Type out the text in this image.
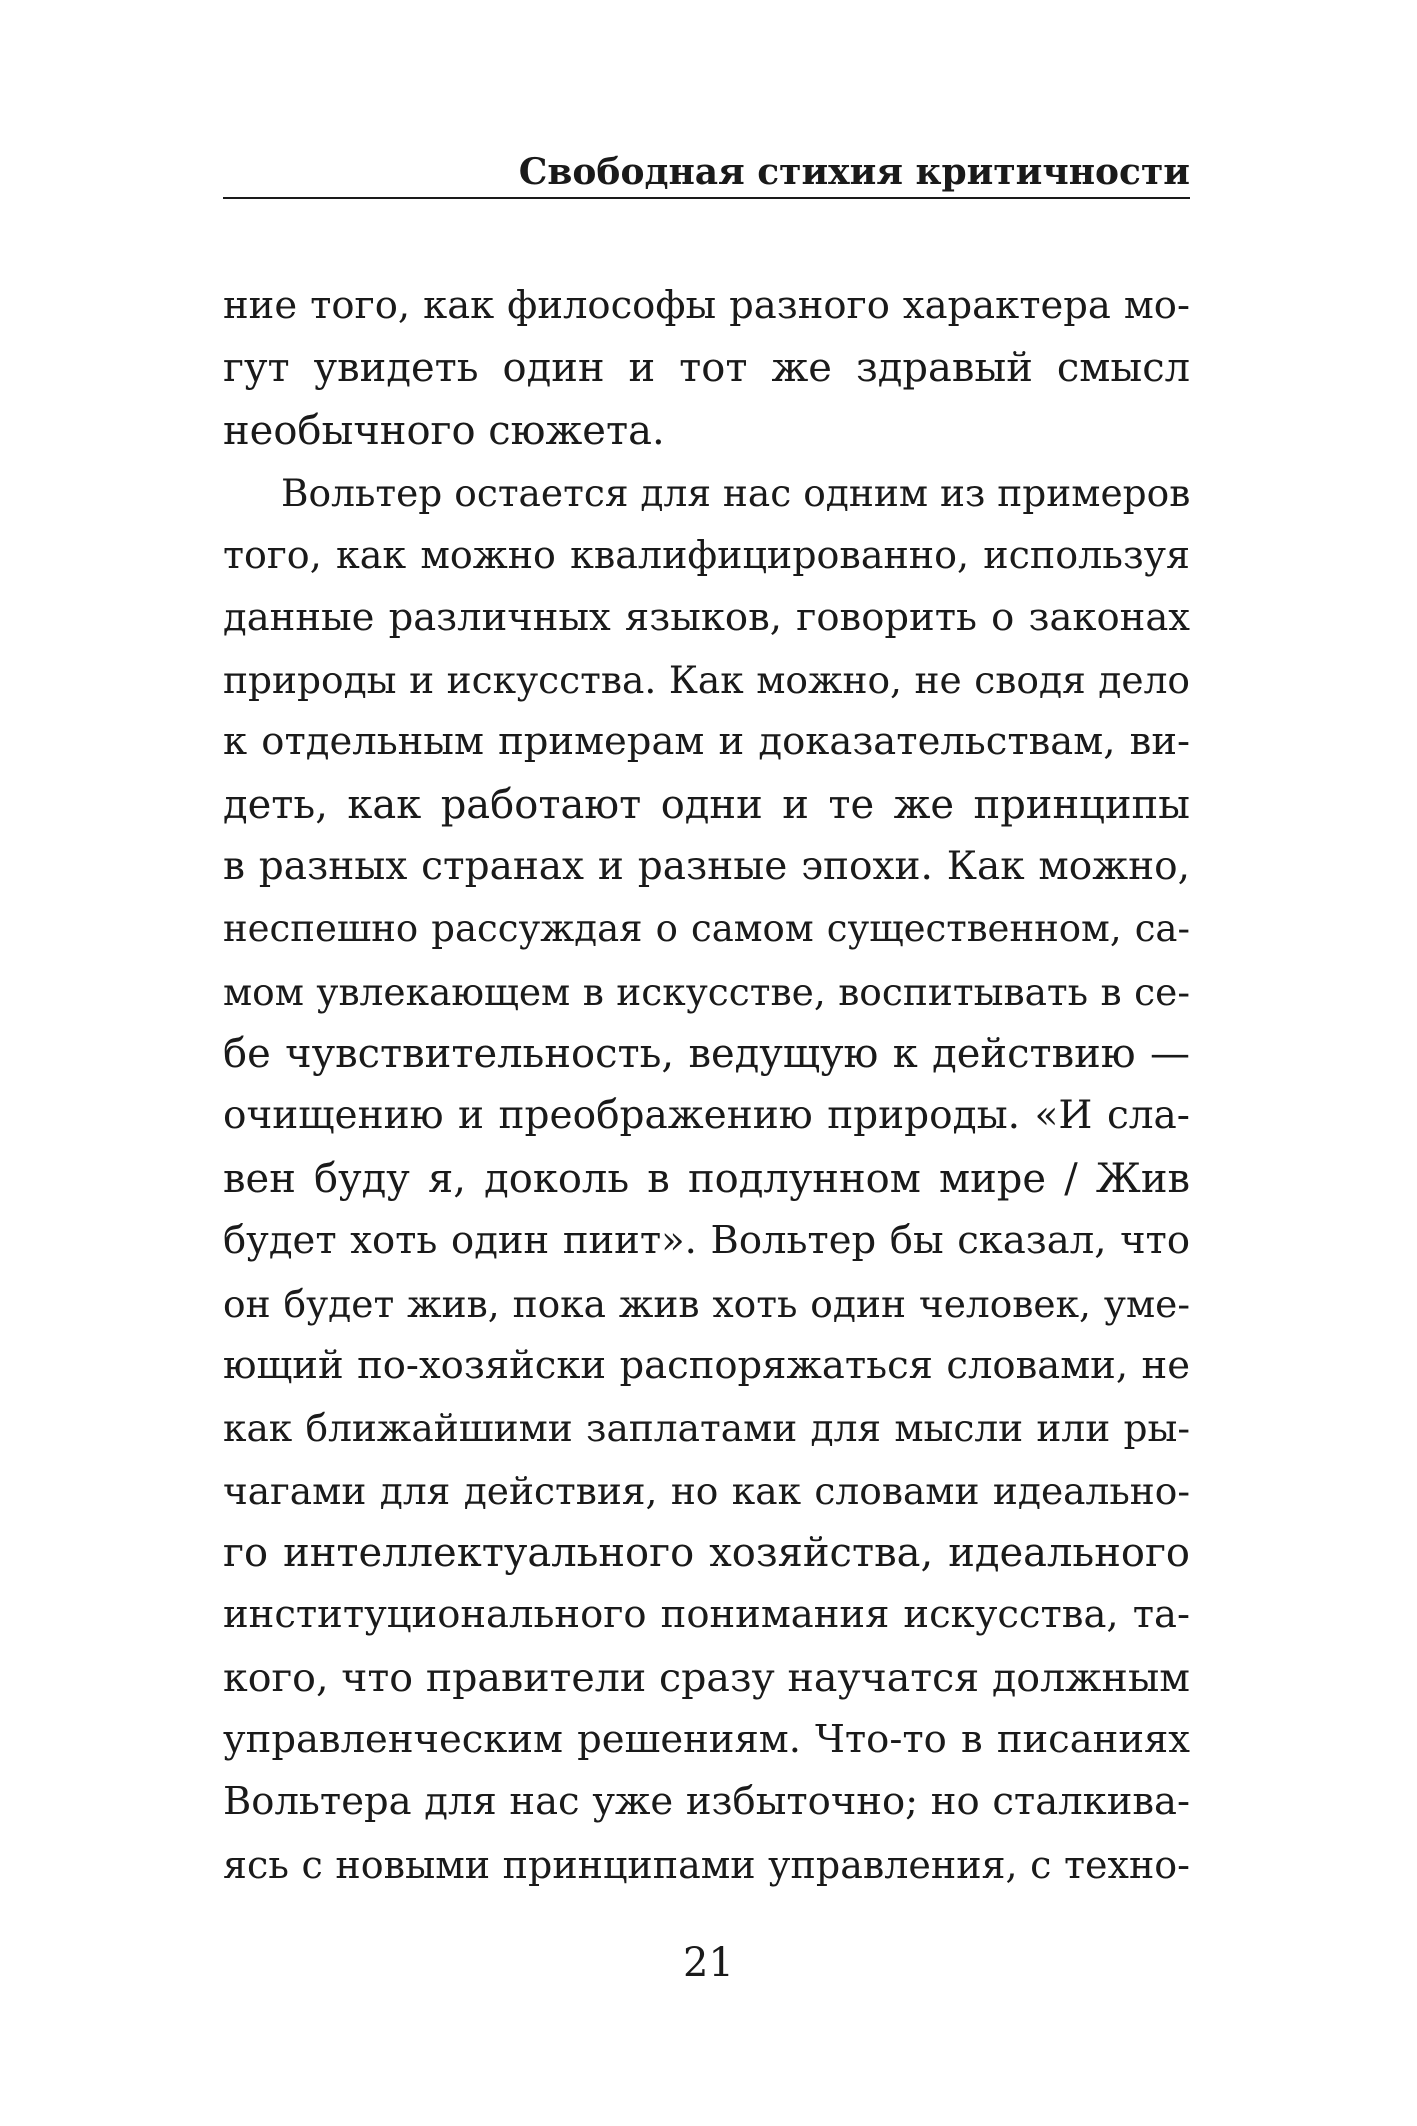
Свободная стихия критичности
ние того, как философы разного характера мо-
гут увидеть один и тот же здравый смысл
необычного сюжета.
Вольтер остается для нас одним из примеров
того, как можно квалифицированно, используя
данные различных языков, говорить о законах
природы и искусства. Как можно, не сводя дело
к отдельным примерам и доказательствам, ви-
деть, как работают одни и те же принципы
в разных странах и разные эпохи. Как можно,
неспешно рассуждая о самом существенном, са-
мом увлекающем в искусстве, воспитывать в се-
бе чувствительность, ведущую к действию —
очищению и преображению природы. «И сла-
вен буду я, доколь в подлунном мире / Жив
будет хоть один пиит». Вольтер бы сказал, что
он будет жив, пока жив хоть один человек, уме-
ющий по-хозяйски распоряжаться словами, не
как ближайшими заплатами для мысли или ры-
чагами для действия, но как словами идеально-
го интеллектуального хозяйства, идеального
институционального понимания искусства, та-
кого, что правители сразу научатся должным
управленческим решениям. Что-то в писаниях
Вольтера для нас уже избыточно; но сталкива-
ясь с новыми принципами управления, с техно-
21
